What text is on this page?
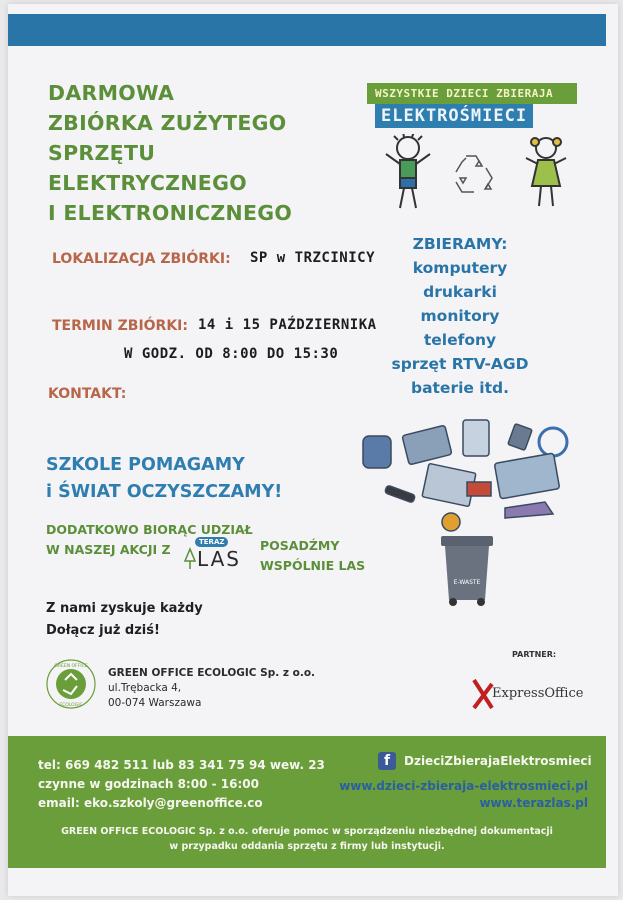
DARMOWA
ZBIÓRKA ZUŻYTEGO
SPRZĘTU
ELEKTRYCZNEGO
I ELEKTRONICZNEGO
WSZYSTKIE DZIECI ZBIERAJA
ELEKTROŚMIECI
LOKALIZACJA ZBIÓRKI: SP w TRZCINICY
TERMIN ZBIÓRKI: 14 i 15 PAŹDZIERNIKA
W GODZ. OD 8:00 DO 15:30
KONTAKT:
ZBIERAMY:
komputery
drukarki
monitory
telefony
sprzęt RTV-AGD
baterie itd.
SZKOLE POMAGAMY
i ŚWIAT OCZYSZCZAMY!
DODATKOWO BIORĄC UDZIAŁ
W NASZEJ AKCJI Z	TERAZ
LAS
POSADŹMY
WSPÓLNIE LAS
Z nami zyskuje każdy
Dołącz już dziś!
E-WASTE
GREEN OFFICE
ECOLOGIC
GREEN OFFICE ECOLOGIC Sp. z o.o.
ul.Trębacka 4,
00-074 Warszawa
PARTNER:
ExpressOffice
tel: 669 482 511 lub 83 341 75 94 wew. 23
czynne w godzinach 8:00 - 16:00
email: eko.szkoly@greenoffice.co
f	DzieciZbierajaElektrosmieci
www.dzieci-zbieraja-elektrosmieci.pl
www.terazlas.pl
GREEN OFFICE ECOLOGIC Sp. z o.o. oferuje pomoc w sporządzeniu niezbędnej dokumentacji
w przypadku oddania sprzętu z firmy lub instytucji.
